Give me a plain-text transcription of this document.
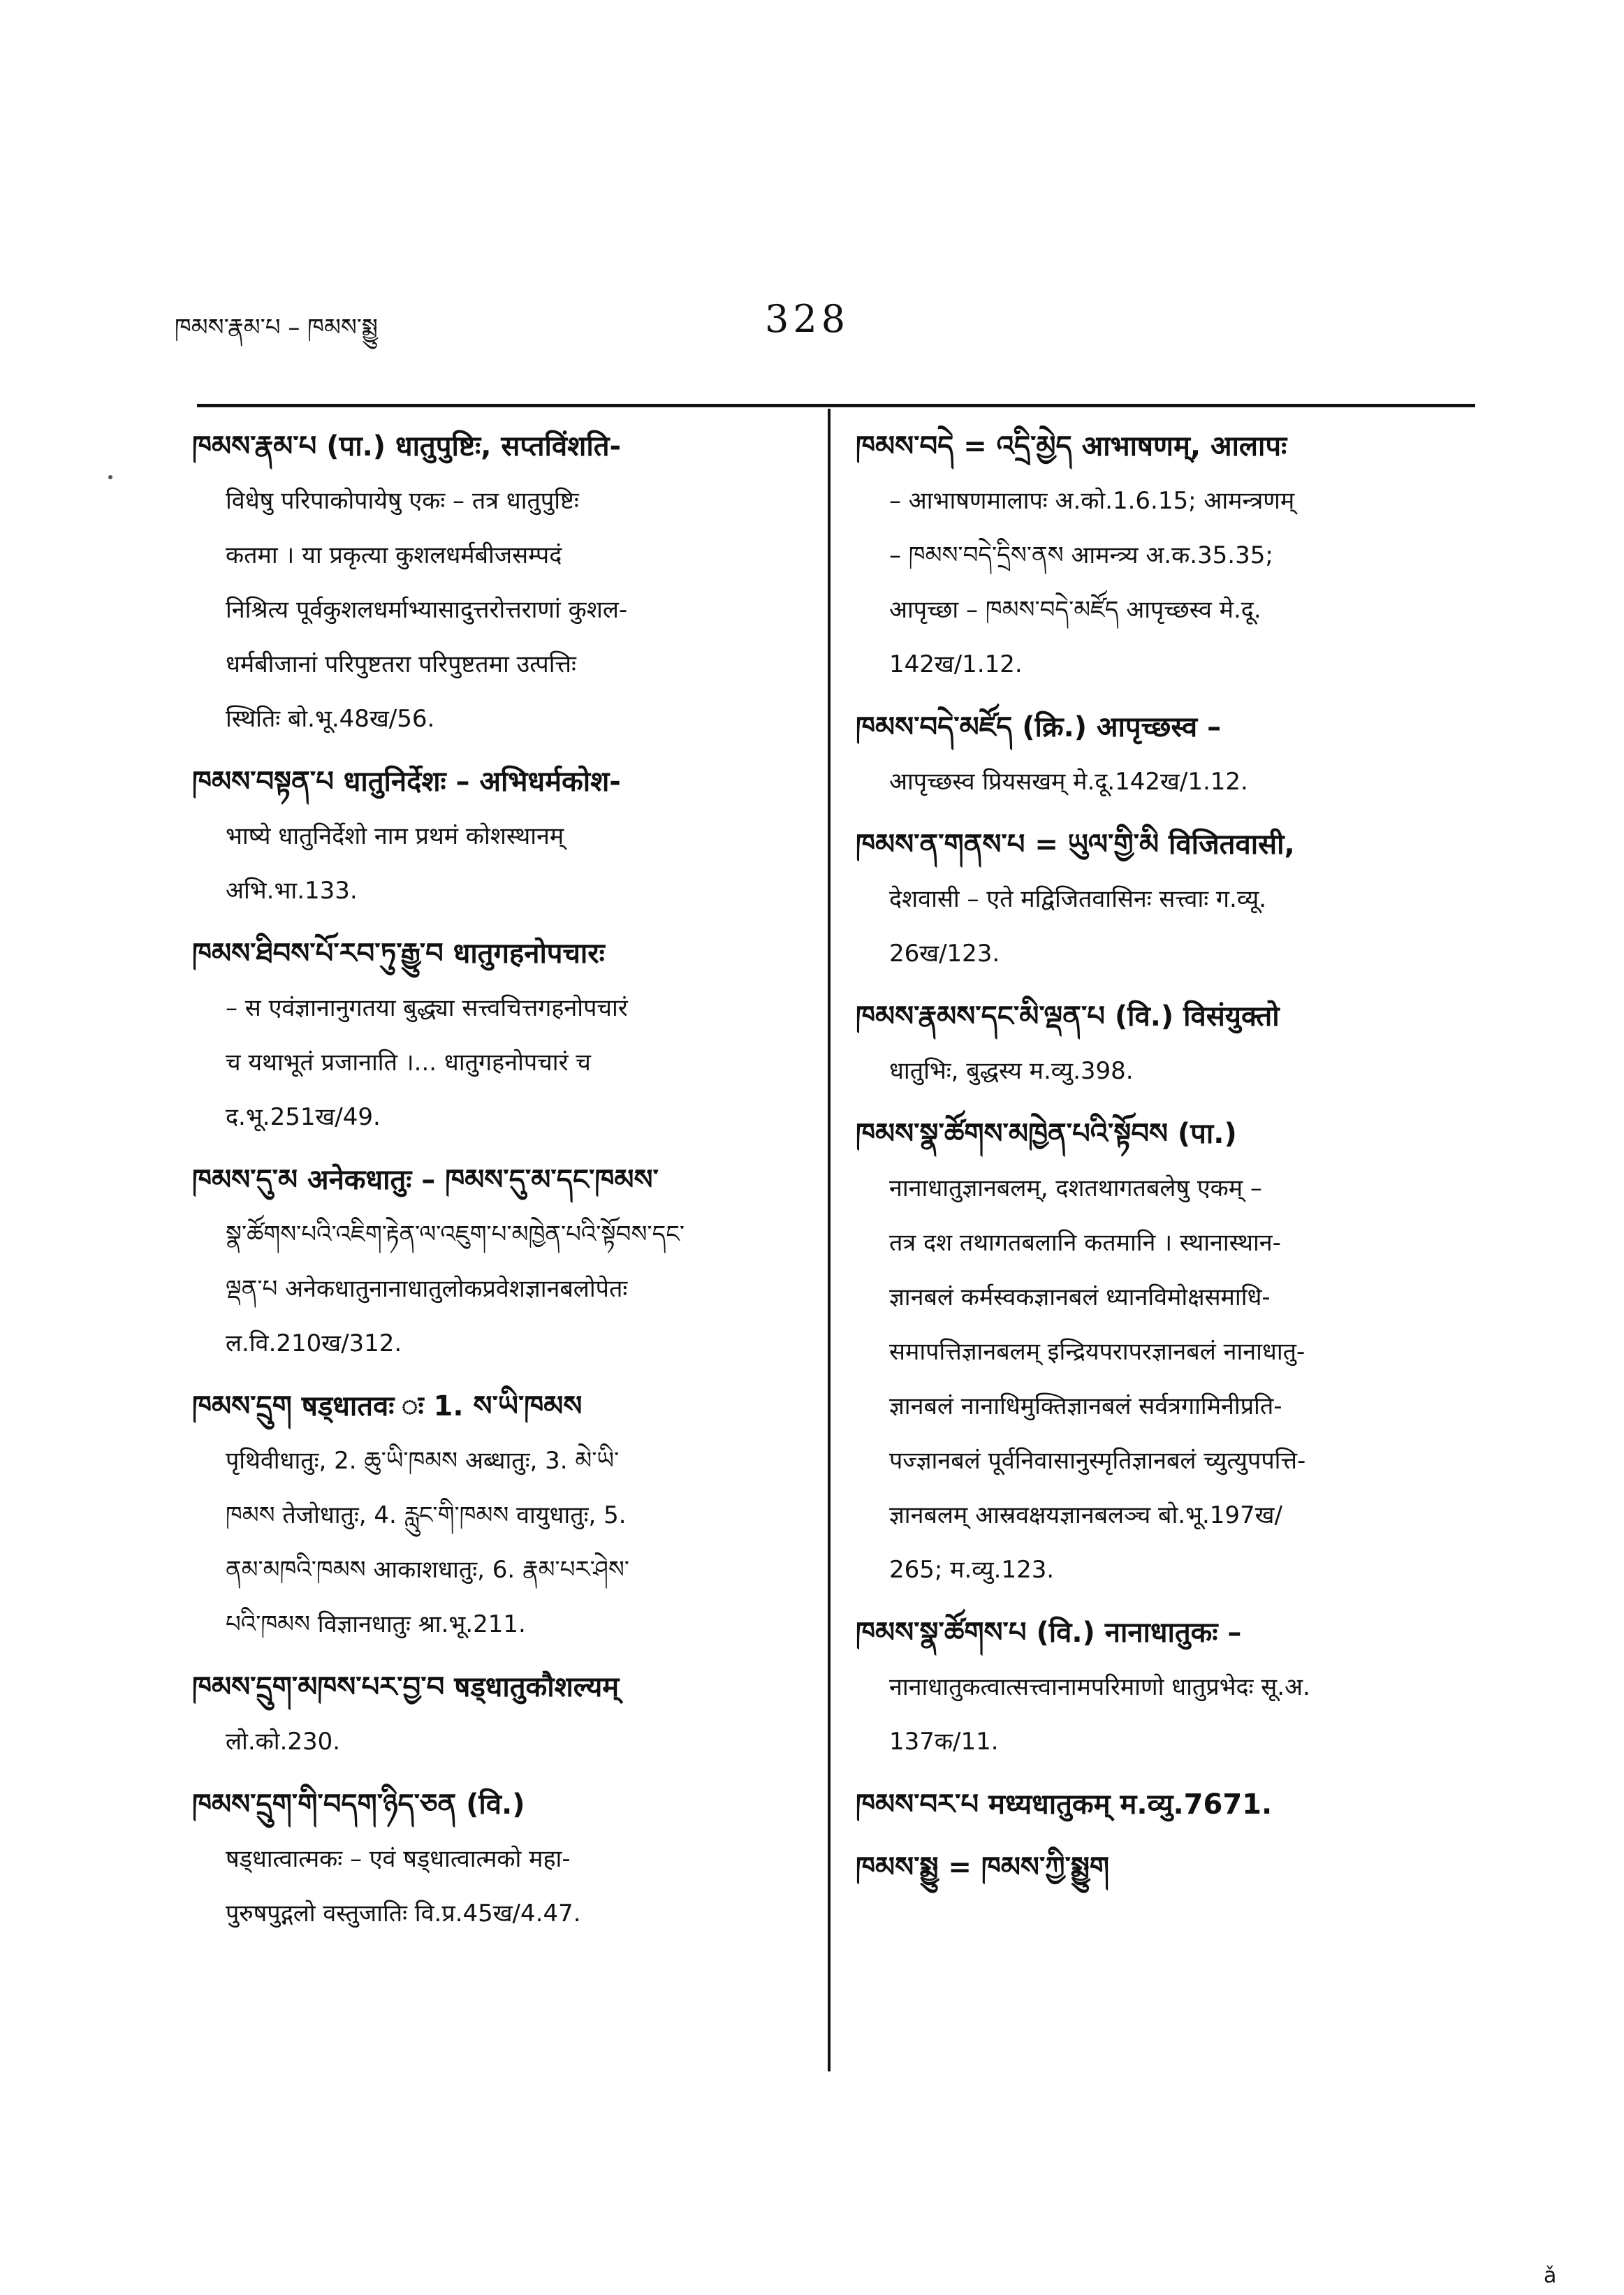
ཁམས་རྣམ་པ – ཁམས་སྨྱུ	328
ཁམས་རྣམ་པ (पा.) धातुपुष्टिः, सप्तविंशति-
विधेषु परिपाकोपायेषु एकः – तत्र धातुपुष्टिः
कतमा । या प्रकृत्या कुशलधर्मबीजसम्पदं
निश्रित्य पूर्वकुशलधर्माभ्यासादुत्तरोत्तराणां कुशल-
धर्मबीजानां परिपुष्टतरा परिपुष्टतमा उत्पत्तिः
स्थितिः बो.भू.48ख/56.
ཁམས་བསྟན་པ धातुनिर्देशः – अभिधर्मकोश-
भाष्ये धातुनिर्देशो नाम प्रथमं कोशस्थानम्
अभि.भा.133.
ཁམས་ཐིབས་པོ་རབ་ཏུ་རྒྱུ་བ धातुगहनोपचारः
– स एवंज्ञानानुगतया बुद्ध्या सत्त्वचित्तगहनोपचारं
च यथाभूतं प्रजानाति ।... धातुगहनोपचारं च
द.भू.251ख/49.
ཁམས་དུ་མ अनेकधातुः – ཁམས་དུ་མ་དང་ཁམས་
སྣ་ཚོགས་པའི་འཇིག་རྟེན་ལ་འཇུག་པ་མཁྱེན་པའི་སྟོབས་དང་
ལྡན་པ अनेकधातुनानाधातुलोकप्रवेशज्ञानबलोपेतः
ल.वि.210ख/312.
ཁམས་དྲུག षड्धातवः ः 1. ས་ཡི་ཁམས
पृथिवीधातुः, 2. ཆུ་ཡི་ཁམས अब्धातुः, 3. མེ་ཡི་
ཁམས तेजोधातुः, 4. རླུང་གི་ཁམས वायुधातुः, 5.
ནམ་མཁའི་ཁམས आकाशधातुः, 6. རྣམ་པར་ཤེས་
པའི་ཁམས विज्ञानधातुः श्रा.भू.211.
ཁམས་དྲུག་མཁས་པར་བྱ་བ षड्धातुकौशल्यम्
लो.को.230.
ཁམས་དྲུག་གི་བདག་ཉིད་ཅན (वि.)
षड्धात्वात्मकः – एवं षड्धात्वात्मको महा-
पुरुषपुद्गलो वस्तुजातिः वि.प्र.45ख/4.47.
ཁམས་བདེ = འདྲི་མྱེད आभाषणम्, आलापः
– आभाषणमालापः अ.को.1.6.15; आमन्त्रणम्
– ཁམས་བདེ་དྲིས་ནས आमन्त्र्य अ.क.35.35;
आपृच्छा – ཁམས་བདེ་མཛོད आपृच्छस्व मे.दू.
142ख/1.12.
ཁམས་བདེ་མཛོད (क्रि.) आपृच्छस्व –
आपृच्छस्व प्रियसखम् मे.दू.142ख/1.12.
ཁམས་ན་གནས་པ = ཡུལ་གྱི་མི विजितवासी,
देशवासी – एते मद्विजितवासिनः सत्त्वाः ग.व्यू.
26ख/123.
ཁམས་རྣམས་དང་མི་ལྡན་པ (वि.) विसंयुक्तो
धातुभिः, बुद्धस्य म.व्यु.398.
ཁམས་སྣ་ཚོགས་མཁྱེན་པའི་སྟོབས (पा.)
नानाधातुज्ञानबलम्, दशतथागतबलेषु एकम् –
तत्र दश तथागतबलानि कतमानि । स्थानास्थान-
ज्ञानबलं कर्मस्वकज्ञानबलं ध्यानविमोक्षसमाधि-
समापत्तिज्ञानबलम् इन्द्रियपरापरज्ञानबलं नानाधातु-
ज्ञानबलं नानाधिमुक्तिज्ञानबलं सर्वत्रगामिनीप्रति-
पज्ज्ञानबलं पूर्वनिवासानुस्मृतिज्ञानबलं च्युत्युपपत्ति-
ज्ञानबलम् आस्रवक्षयज्ञानबलञ्च बो.भू.197ख/
265; म.व्यु.123.
ཁམས་སྣ་ཚོགས་པ (वि.) नानाधातुकः –
नानाधातुकत्वात्सत्त्वानामपरिमाणो धातुप्रभेदः सू.अ.
137क/11.
ཁམས་བར་པ मध्यधातुकम् म.व्यु.7671.
ཁམས་སྨྱུ = ཁམས་ཀྱི་སྨྱུག
ǎ
